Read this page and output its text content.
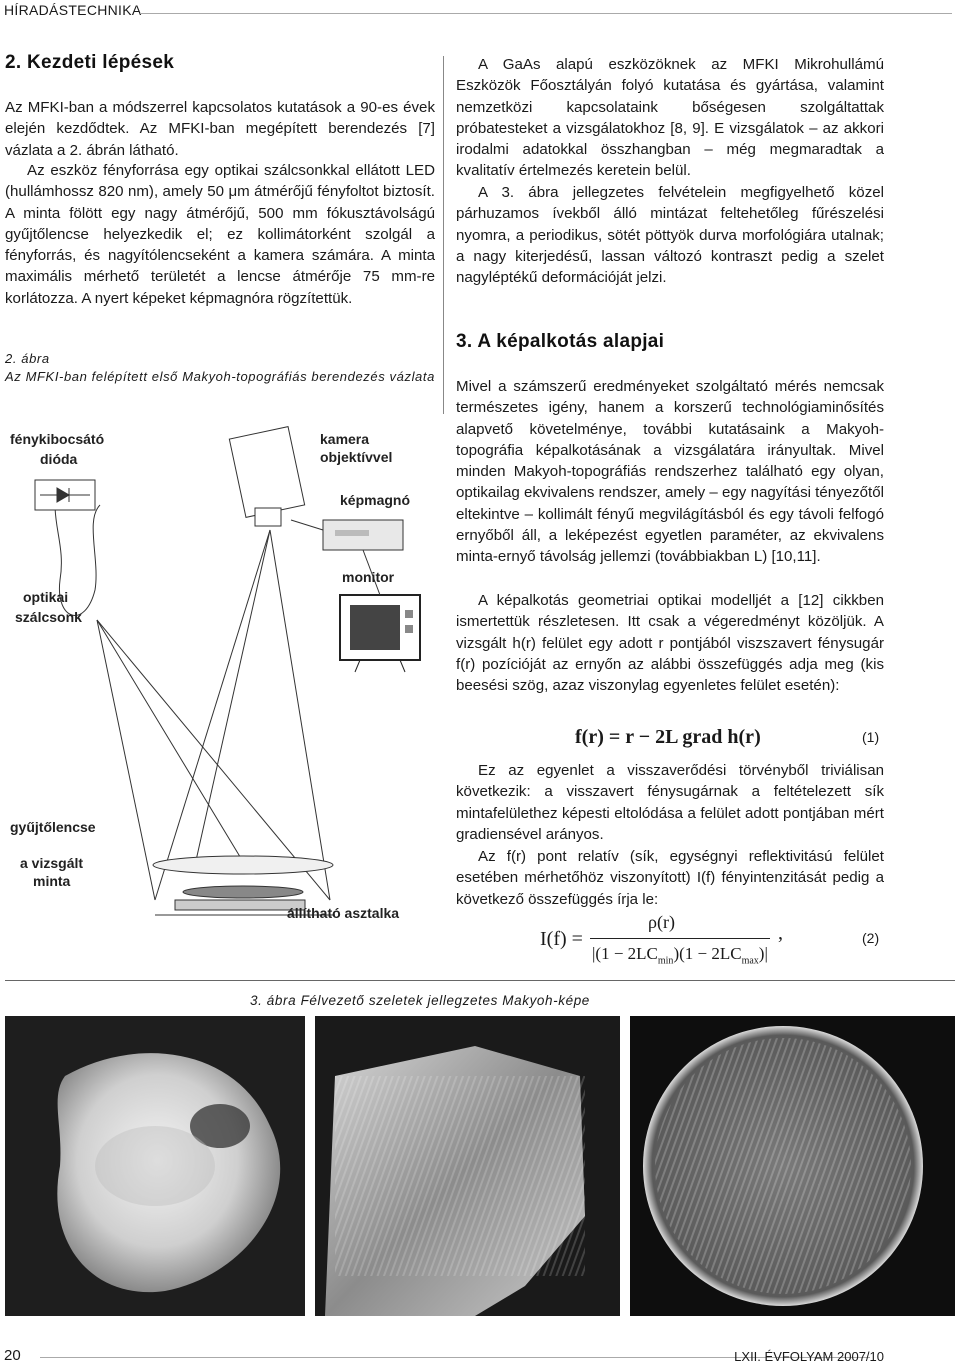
HÍRADÁSTECHNIKA
2. Kezdeti lépések

Az MFKI-ban a módszerrel kapcsolatos kutatások a 90-es évek elején kezdődtek. Az MFKI-ban megépített berendezés [7] vázlata a 2. ábrán látható.

Az eszköz fényforrása egy optikai szálcsonkkal ellátott LED (hullámhossz 820 nm), amely 50 μm átmérőjű fényfoltot biztosít. A minta fölött egy nagy átmérőjű, 500 mm fókusztávolságú gyűjtőlencse helyezkedik el; ez kollimátorként szolgál a fényforrás, és nagyítólencseként a kamera számára. A minta maximális mérhető területét a lencse átmérője 75 mm-re korlátozza. A nyert képeket képmagnóra rögzítettük.

2. ábra
Az MFKI-ban felépített első Makyoh-topográfiás berendezés vázlata
fénykibocsátó
dióda
kamera
objektívvel
képmagnó
monitor
optikai
szálcsonk
gyűjtőlencse
a vizsgált
minta
állítható asztalka

A GaAs alapú eszközöknek az MFKI Mikrohullámú Eszközök Főosztályán folyó kutatása és gyártása, valamint nemzetközi kapcsolataink bőségesen szolgáltattak próbatesteket a vizsgálatokhoz [8, 9]. E vizsgálatok – az akkori irodalmi adatokkal összhangban – még megmaradtak a kvalitatív értelmezés keretein belül.

A 3. ábra jellegzetes felvételein megfigyelhető közel párhuzamos ívekből álló mintázat feltehetőleg fűrészelési nyomra, a periodikus, sötét pöttyök durva morfológiára utalnak; a nagy kiterjedésű, lassan változó kontraszt pedig a szelet nagyléptékű deformációját jelzi.

3. A képalkotás alapjai

Mivel a számszerű eredményeket szolgáltató mérés nemcsak természetes igény, hanem a korszerű technológiaminősítés alapvető követelménye, további kutatásaink a Makyoh-topográfia képalkotásának a vizsgálatára irányultak. Mivel minden Makyoh-topográfiás rendszerhez található egy olyan, optikailag ekvivalens rendszer, amely – egy nagyítási tényezőtől eltekintve – kollimált fényű megvilágításból és egy távoli felfogó ernyőből áll, a leképezést egyetlen paraméter, az ekvivalens minta-ernyő távolság jellemzi (továbbiakban L) [10,11].

A képalkotás geometriai optikai modelljét a [12] cikkben ismertettük részletesen. Itt csak a végeredményt közöljük. A vizsgált h(r) felület egy adott r pontjából viszszavert fénysugár f(r) pozícióját az ernyőn az alábbi összefüggés adja meg (kis beesési szög, azaz viszonylag egyenletes felület esetén):

f(r) = r − 2L grad h(r)	(1)

Ez az egyenlet a visszaverődési törvényből triviálisan következik: a visszavert fénysugárnak a feltételezett sík mintafelülethez képesti eltolódása a felület adott pontjában mért gradiensével arányos.

Az f(r) pont relatív (sík, egységnyi reflektivitású felület esetében mérhetőhöz viszonyított) I(f) fényintenzitását pedig a következő összefüggés írja le:

I(f) =
ρ(r)
$|(1 - 2LC_{min})(1 - 2LC_{max})|$
,	(2)
3. ábra Félvezető szeletek jellegzetes Makyoh-képe
20	LXII. ÉVFOLYAM 2007/10
